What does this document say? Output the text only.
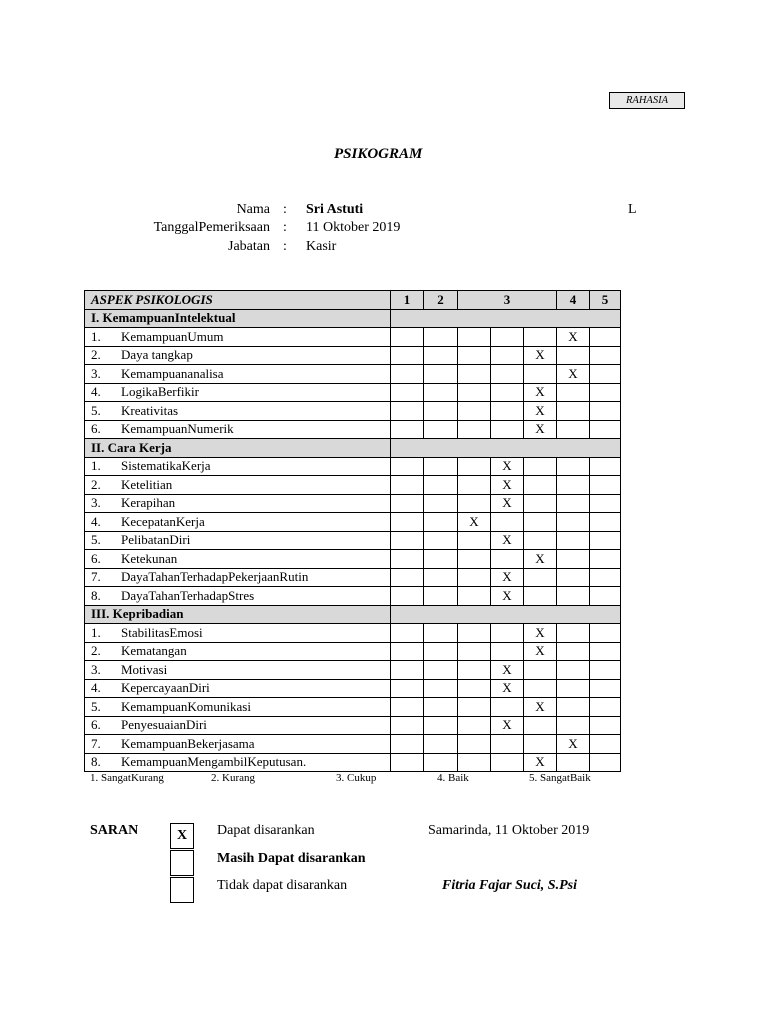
RAHASIA
PSIKOGRAM
Nama : Sri Astuti	L
TanggalPemeriksaan : 11 Oktober 2019
Jabatan : Kasir
ASPEK PSIKOLOGIS	1	2	3			4	5
I. KemampuanIntelektual							
1. KemampuanUmum						X	
2. Daya tangkap					X		
3. Kemampuananalisa						X	
4. LogikaBerfikir					X		
5. Kreativitas					X		
6. KemampuanNumerik					X		
II. Cara Kerja							
1. SistematikaKerja				X			
2. Ketelitian				X			
3. Kerapihan				X			
4. KecepatanKerja			X				
5. PelibatanDiri				X			
6. Ketekunan					X		
7. DayaTahanTerhadapPekerjaanRutin				X			
8. DayaTahanTerhadapStres				X			
III. Kepribadian							
1. StabilitasEmosi					X		
2. Kematangan					X		
3. Motivasi				X			
4. KepercayaanDiri				X			
5. KemampuanKomunikasi					X		
6. PenyesuaianDiri				X			
7. KemampuanBekerjasama						X	
8. KemampuanMengambilKeputusan.					X		
1. SangatKurang	2. Kurang	3. Cukup	4. Baik	5. SangatBaik
SARAN	X	Dapat disarankan
Masih Dapat disarankan
Tidak dapat disarankan
Samarinda, 11 Oktober 2019
Fitria Fajar Suci, S.Psi
